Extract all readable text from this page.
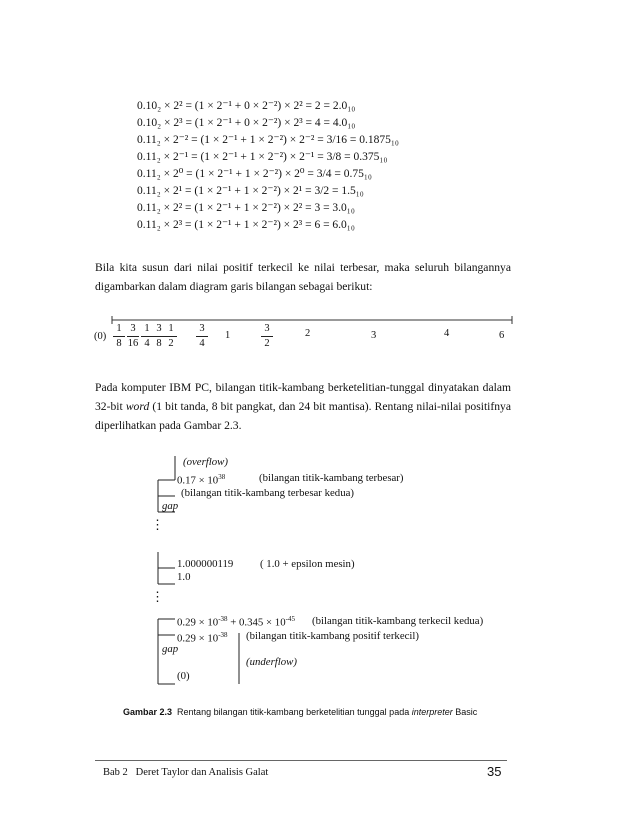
0.10₂ × 2² = (1 × 2⁻¹ + 0 × 2⁻²) × 2² = 2 = 2.0₁₀
0.10₂ × 2³ = (1 × 2⁻¹ + 0 × 2⁻²) × 2³ = 4 = 4.0₁₀
0.11₂ × 2⁻² = (1 × 2⁻¹ + 1 × 2⁻²) × 2⁻² = 3/16 = 0.1875₁₀
0.11₂ × 2⁻¹ = (1 × 2⁻¹ + 1 × 2⁻²) × 2⁻¹ = 3/8 = 0.375₁₀
0.11₂ × 2⁰ = (1 × 2⁻¹ + 1 × 2⁻²) × 2⁰ = 3/4 = 0.75₁₀
0.11₂ × 2¹ = (1 × 2⁻¹ + 1 × 2⁻²) × 2¹ = 3/2 = 1.5₁₀
0.11₂ × 2² = (1 × 2⁻¹ + 1 × 2⁻²) × 2² = 3 = 3.0₁₀
0.11₂ × 2³ = (1 × 2⁻¹ + 1 × 2⁻²) × 2³ = 6 = 6.0₁₀
Bila kita susun dari nilai positif terkecil ke nilai terbesar, maka seluruh bilangannya digambarkan dalam diagram garis bilangan sebagai berikut:
(0)
1
8
3
16
1
4
3
8
1
2
3
4
1
3
2
2	3	4	6
Pada komputer IBM PC, bilangan titik-kambang berketelitian-tunggal dinyatakan dalam 32-bit word (1 bit tanda, 8 bit pangkat, dan 24 bit mantisa). Rentang nilai-nilai positifnya diperlihatkan pada Gambar 2.3.
(overflow)
$0.17 \times 10^{38}$	(bilangan titik-kambang terbesar)
(bilangan titik-kambang terbesar kedua)
gap
⋮
1.000000119 ( 1.0 + epsilon mesin)
1.0
⋮
$0.29 \times 10^{-38} + 0.345 \times 10^{-45}$ (bilangan titik-kambang terkecil kedua)
$0.29 \times 10^{-38}$ (bilangan titik-kambang positif terkecil)
gap
(underflow)
(0)
Gambar 2.3 Rentang bilangan titik-kambang berketelitian tunggal pada interpreter Basic
Bab 2   Deret Taylor dan Analisis Galat	35
